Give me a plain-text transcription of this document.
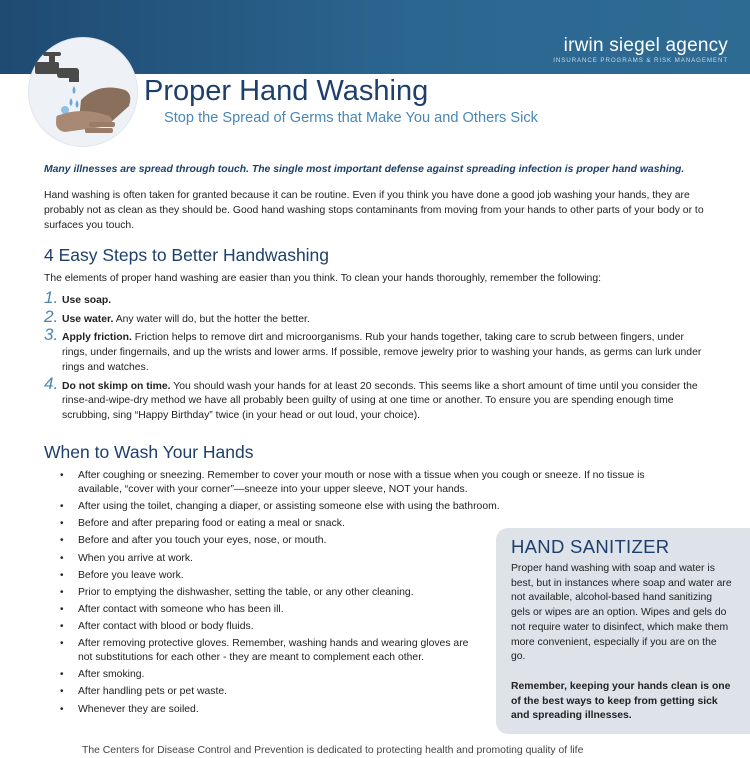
irwin siegel agency
INSURANCE PROGRAMS & RISK MANAGEMENT
Proper Hand Washing
Stop the Spread of Germs that Make You and Others Sick
Many illnesses are spread through touch. The single most important defense against spreading infection is proper hand washing.
Hand washing is often taken for granted because it can be routine. Even if you think you have done a good job washing your hands, they are probably not as clean as they should be. Good hand washing stops contaminants from moving from your hands to other parts of your body or to surfaces you touch.
4 Easy Steps to Better Handwashing
The elements of proper hand washing are easier than you think. To clean your hands thoroughly, remember the following:
1. Use soap.
2. Use water. Any water will do, but the hotter the better.
3. Apply friction. Friction helps to remove dirt and microorganisms. Rub your hands together, taking care to scrub between fingers, under rings, under fingernails, and up the wrists and lower arms. If possible, remove jewelry prior to washing your hands, as germs can lurk under rings and watches.
4. Do not skimp on time. You should wash your hands for at least 20 seconds. This seems like a short amount of time until you consider the rinse-and-wipe-dry method we have all probably been guilty of using at one time or another. To ensure you are spending enough time scrubbing, sing “Happy Birthday” twice (in your head or out loud, your choice).
When to Wash Your Hands
• After coughing or sneezing. Remember to cover your mouth or nose with a tissue when you cough or sneeze. If no tissue is available, “cover with your corner”—sneeze into your upper sleeve, NOT your hands.
• After using the toilet, changing a diaper, or assisting someone else with using the bathroom.
• Before and after preparing food or eating a meal or snack.
• Before and after you touch your eyes, nose, or mouth.
• When you arrive at work.
• Before you leave work.
• Prior to emptying the dishwasher, setting the table, or any other cleaning.
• After contact with someone who has been ill.
• After contact with blood or body fluids.
• After removing protective gloves. Remember, washing hands and wearing gloves are not substitutions for each other - they are meant to complement each other.
• After smoking.
• After handling pets or pet waste.
• Whenever they are soiled.
HAND SANITIZER
Proper hand washing with soap and water is best, but in instances where soap and water are not available, alcohol-based hand sanitizing gels or wipes are an option. Wipes and gels do not require water to disinfect, which make them more convenient, especially if you are on the go.
Remember, keeping your hands clean is one of the best ways to keep from getting sick and spreading illnesses.
The Centers for Disease Control and Prevention is dedicated to protecting health and promoting quality of life
